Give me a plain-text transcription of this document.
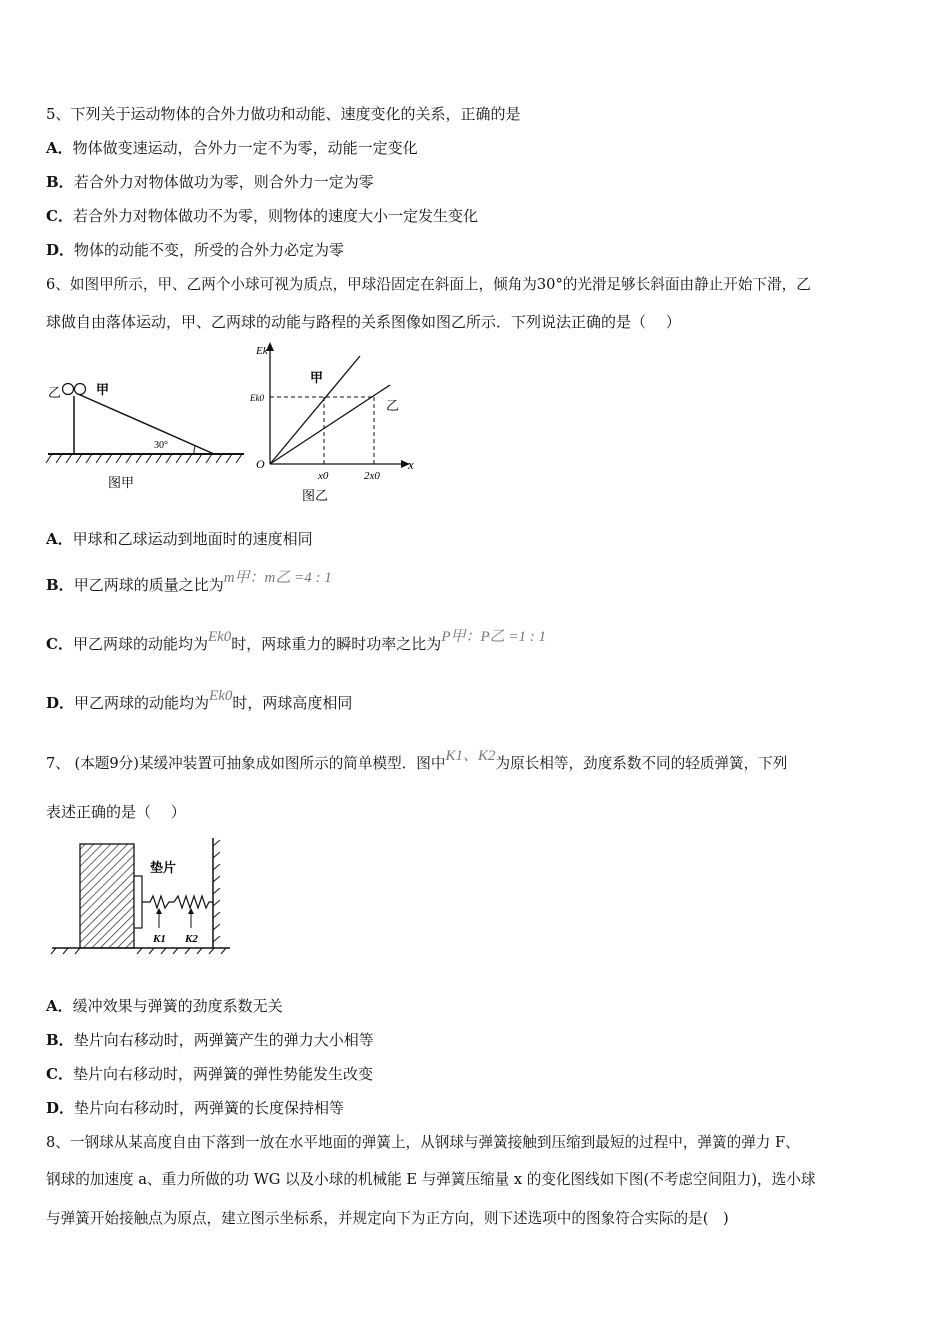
5、下列关于运动物体的合外力做功和动能、速度变化的关系，正确的是
A．物体做变速运动，合外力一定不为零，动能一定变化
B．若合外力对物体做功为零，则合外力一定为零
C．若合外力对物体做功不为零，则物体的速度大小一定发生变化
D．物体的动能不变，所受的合外力必定为零
6、如图甲所示，甲、乙两个小球可视为质点，甲球沿固定在斜面上，倾角为30°的光滑足够长斜面由静止开始下滑，乙
球做自由落体运动，甲、乙两球的动能与路程的关系图像如图乙所示．下列说法正确的是（　 ）
乙	甲
30°
图甲
Ek
Ek0
O	x
x0	2x0
甲
乙
图乙
A．甲球和乙球运动到地面时的速度相同
B．甲乙两球的质量之比为m甲：m乙 =4 : 1
C．甲乙两球的动能均为Ek0时，两球重力的瞬时功率之比为P甲：P乙 =1 : 1
D．甲乙两球的动能均为Ek0时，两球高度相同
7、 (本题9分)某缓冲装置可抽象成如图所示的简单模型．图中K1、K2为原长相等，劲度系数不同的轻质弹簧，下列
表述正确的是（　 ）
垫片
K1 K2
A．缓冲效果与弹簧的劲度系数无关
B．垫片向右移动时，两弹簧产生的弹力大小相等
C．垫片向右移动时，两弹簧的弹性势能发生改变
D．垫片向右移动时，两弹簧的长度保持相等
8、一钢球从某高度自由下落到一放在水平地面的弹簧上，从钢球与弹簧接触到压缩到最短的过程中，弹簧的弹力 F、
钢球的加速度 a、重力所做的功 WG 以及小球的机械能 E 与弹簧压缩量 x 的变化图线如下图(不考虑空间阻力)，选小球
与弹簧开始接触点为原点，建立图示坐标系，并规定向下为正方向，则下述选项中的图象符合实际的是(　)
